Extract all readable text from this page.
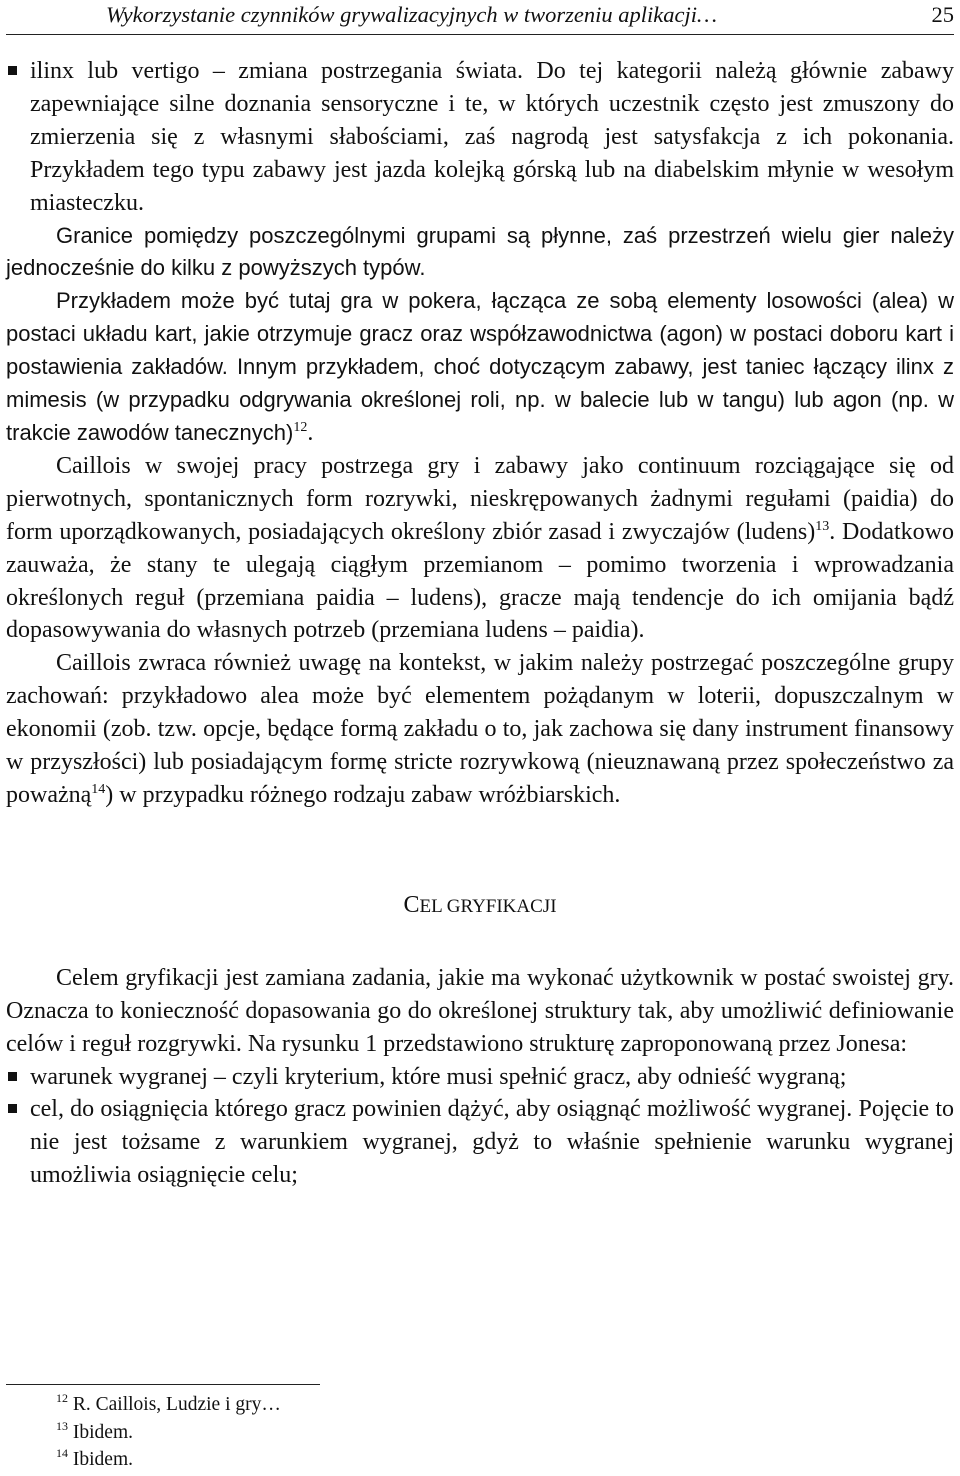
Wykorzystanie czynników grywalizacyjnych w tworzeniu aplikacji…	25
ilinx lub vertigo – zmiana postrzegania świata. Do tej kategorii należą głównie zabawy zapewniające silne doznania sensoryczne i te, w których uczestnik często jest zmuszony do zmierzenia się z własnymi słabościami, zaś nagrodą jest satysfakcja z ich pokonania. Przykładem tego typu zabawy jest jazda kolejką górską lub na diabelskim młynie w wesołym miasteczku.

Granice pomiędzy poszczególnymi grupami są płynne, zaś przestrzeń wielu gier należy jednocześnie do kilku z powyższych typów.

Przykładem może być tutaj gra w pokera, łącząca ze sobą elementy losowości (alea) w postaci układu kart, jakie otrzymuje gracz oraz współzawodnictwa (agon) w postaci doboru kart i postawienia zakładów. Innym przykładem, choć dotyczącym zabawy, jest taniec łączący ilinx z mimesis (w przypadku odgrywania określonej roli, np. w balecie lub w tangu) lub agon (np. w trakcie zawodów tanecznych)$^{12}$.

Caillois w swojej pracy postrzega gry i zabawy jako continuum rozciągające się od pierwotnych, spontanicznych form rozrywki, nieskrępowanych żadnymi regułami (paidia) do form uporządkowanych, posiadających określony zbiór zasad i zwyczajów (ludens)$^{13}$. Dodatkowo zauważa, że stany te ulegają ciągłym przemianom – pomimo tworzenia i wprowadzania określonych reguł (przemiana paidia – ludens), gracze mają tendencje do ich omijania bądź dopasowywania do własnych potrzeb (przemiana ludens – paidia).

Caillois zwraca również uwagę na kontekst, w jakim należy postrzegać poszczególne grupy zachowań: przykładowo alea może być elementem pożądanym w loterii, dopuszczalnym w ekonomii (zob. tzw. opcje, będące formą zakładu o to, jak zachowa się dany instrument finansowy w przyszłości) lub posiadającym formę stricte rozrywkową (nieuznawaną przez społeczeństwo za poważną$^{14}$) w przypadku różnego rodzaju zabaw wróżbiarskich.

CEL GRYFIKACJI

Celem gryfikacji jest zamiana zadania, jakie ma wykonać użytkownik w postać swoistej gry. Oznacza to konieczność dopasowania go do określonej struktury tak, aby umożliwić definiowanie celów i reguł rozgrywki. Na rysunku 1 przedstawiono strukturę zaproponowaną przez Jonesa:

warunek wygranej – czyli kryterium, które musi spełnić gracz, aby odnieść wygraną;
cel, do osiągnięcia którego gracz powinien dążyć, aby osiągnąć możliwość wygranej. Pojęcie to nie jest tożsame z warunkiem wygranej, gdyż to właśnie spełnienie warunku wygranej umożliwia osiągnięcie celu;
$^{12}$ R. Caillois, Ludzie i gry…
$^{13}$ Ibidem.
$^{14}$ Ibidem.
